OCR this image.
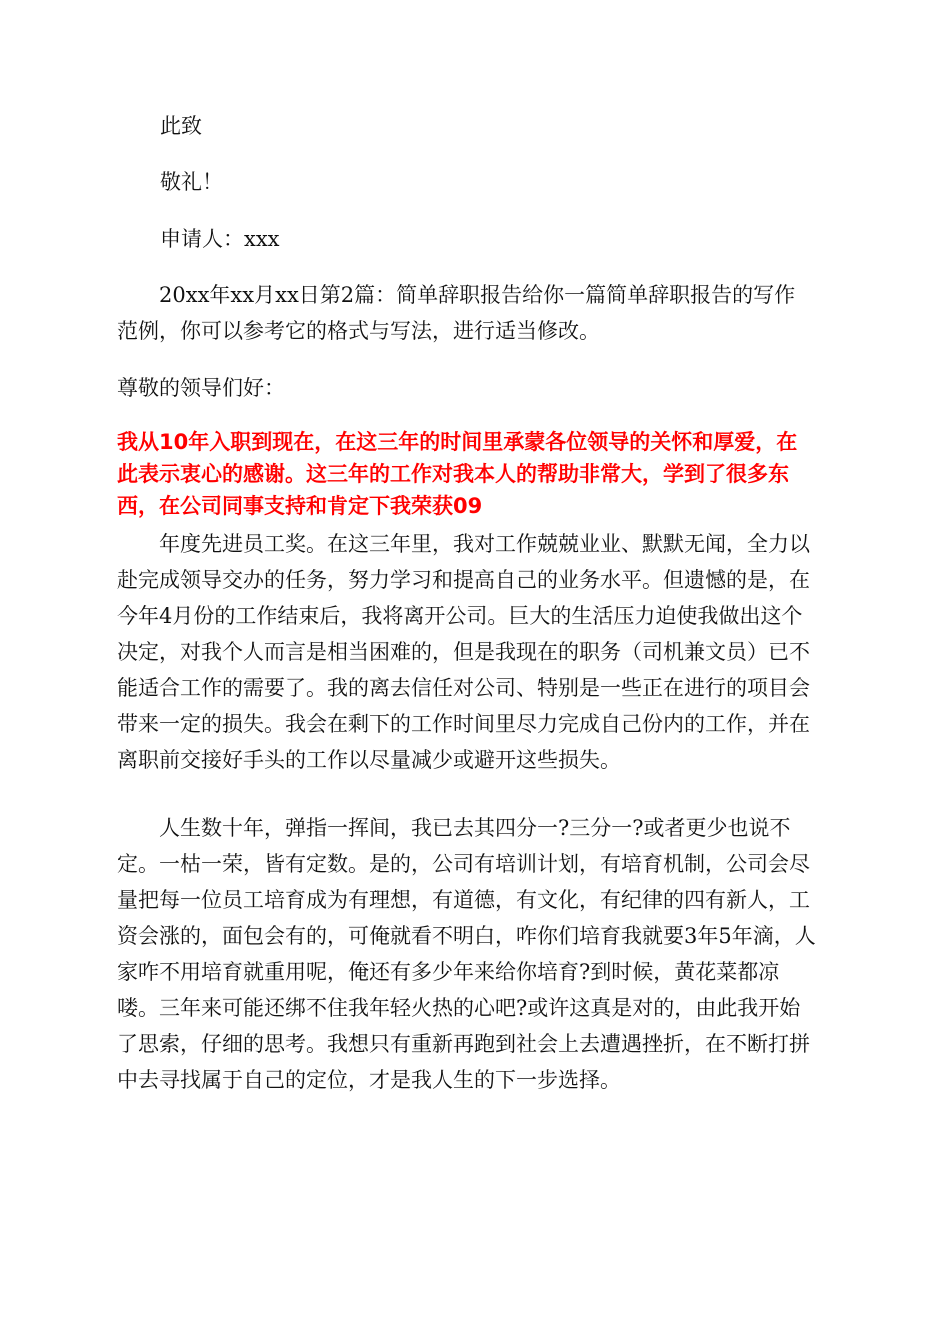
此致
敬礼！
申请人：xxx

20xx年xx月xx日第2篇：简单辞职报告给你一篇简单辞职报告的写作范例，你可以参考它的格式与写法，进行适当修改。

尊敬的领导们好：

我从10年入职到现在，在这三年的时间里承蒙各位领导的关怀和厚爱，在此表示衷心的感谢。这三年的工作对我本人的帮助非常大，学到了很多东西，在公司同事支持和肯定下我荣获09

年度先进员工奖。在这三年里，我对工作兢兢业业、默默无闻，全力以赴完成领导交办的任务，努力学习和提高自己的业务水平。但遗憾的是，在今年4月份的工作结束后，我将离开公司。巨大的生活压力迫使我做出这个决定，对我个人而言是相当困难的，但是我现在的职务（司机兼文员）已不能适合工作的需要了。我的离去信任对公司、特别是一些正在进行的项目会带来一定的损失。我会在剩下的工作时间里尽力完成自己份内的工作，并在离职前交接好手头的工作以尽量减少或避开这些损失。

人生数十年，弹指一挥间，我已去其四分一?三分一?或者更少也说不定。一枯一荣，皆有定数。是的，公司有培训计划，有培育机制，公司会尽量把每一位员工培育成为有理想，有道德，有文化，有纪律的四有新人，工资会涨的，面包会有的，可俺就看不明白，咋你们培育我就要3年5年滴，人家咋不用培育就重用呢，俺还有多少年来给你培育?到时候，黄花菜都凉喽。三年来可能还绑不住我年轻火热的心吧?或许这真是对的，由此我开始了思索，仔细的思考。我想只有重新再跑到社会上去遭遇挫折，在不断打拼中去寻找属于自己的定位，才是我人生的下一步选择。
